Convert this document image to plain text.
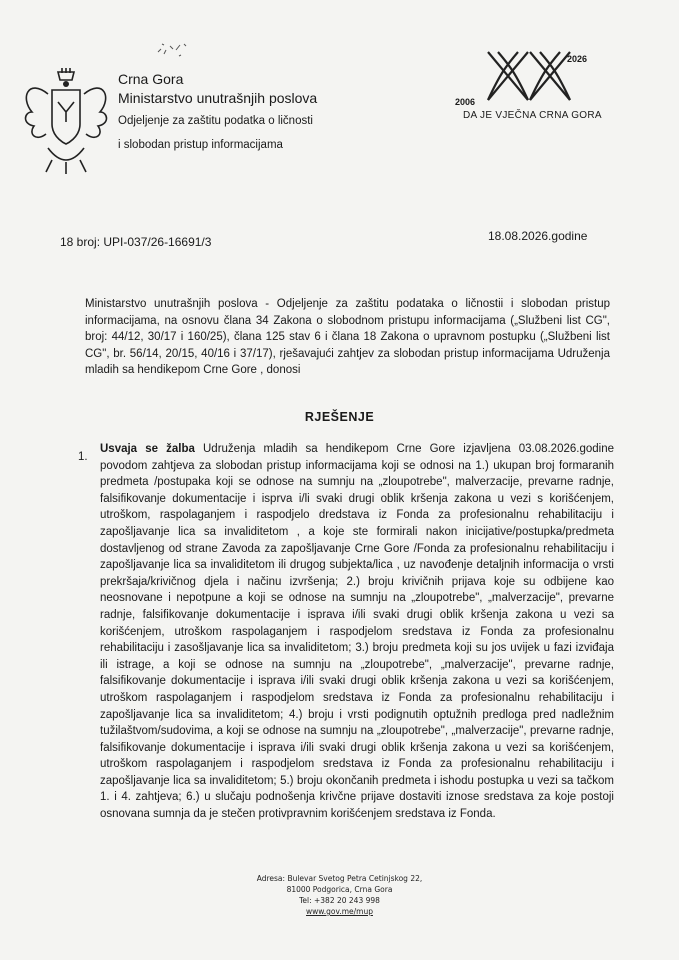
Crna Gora
Ministarstvo unutrašnjih poslova
Odjeljenje za zaštitu podatka o ličnosti
i slobodan pristup informacijama
2026
2006
DA JE VJEČNA CRNA GORA
18 broj: UPI-037/26-16691/3	18.08.2026.godine
Ministarstvo unutrašnjih poslova - Odjeljenje za zaštitu podataka o ličnostii i slobodan pristup informacijama, na osnovu člana 34 Zakona o slobodnom pristupu informacijama („Službeni list CG", broj: 44/12, 30/17 i 160/25), člana 125 stav 6 i člana 18 Zakona o upravnom postupku („Službeni list CG", br. 56/14, 20/15, 40/16 i 37/17), rješavajući zahtjev za slobodan pristup informacijama Udruženja mladih sa hendikepom Crne Gore , donosi
RJEŠENJE
1.
Usvaja se žalba Udruženja mladih sa hendikepom Crne Gore izjavljena 03.08.2026.godine povodom zahtjeva za slobodan pristup informacijama koji se odnosi na 1.) ukupan broj formaranih predmeta /postupaka koji se odnose na sumnju na „zloupotrebe", malverzacije, prevarne radnje, falsifikovanje dokumentacije i isprva i/li svaki drugi oblik kršenja zakona u vezi s korišćenjem, utroškom, raspolaganjem i raspodjelo dredstava iz Fonda za profesionalnu rehabilitaciju i zapošljavanje lica sa invaliditetom , a koje ste formirali nakon inicijative/postupka/predmeta dostavljenog od strane Zavoda za zapošljavanje Crne Gore /Fonda za profesionalnu rehabilitaciju i zapošljavanje lica sa invaliditetom ili drugog subjekta/lica , uz navođenje detaljnih informacija o vrsti prekršaja/krivičnog djela i načinu izvršenja; 2.) broju krivičnih prijava koje su odbijene kao neosnovane i nepotpune a koji se odnose na sumnju na „zloupotrebe", „malverzacije", prevarne radnje, falsifikovanje dokumentacije i isprava i/ili svaki drugi oblik kršenja zakona u vezi sa korišćenjem, utroškom raspolaganjem i raspodjelom sredstava iz Fonda za profesionalnu rehabilitaciju i zasošljavanje lica sa invaliditetom; 3.) broju predmeta koji su jos uvijek u fazi izviđaja ili istrage, a koji se odnose na sumnju na „zloupotrebe", „malverzacije", prevarne radnje, falsifikovanje dokumentacije i isprava i/ili svaki drugi oblik kršenja zakona u vezi sa korišćenjem, utroškom raspolaganjem i raspodjelom sredstava iz Fonda za profesionalnu rehabilitaciju i zapošljavanje lica sa invaliditetom; 4.) broju i vrsti podignutih optužnih predloga pred nadležnim tužilaštvom/sudovima, a koji se odnose na sumnju na „zloupotrebe", „malverzacije", prevarne radnje, falsifikovanje dokumentacije i isprava i/ili svaki drugi oblik kršenja zakona u vezi sa korišćenjem, utroškom raspolaganjem i raspodjelom sredstava iz Fonda za profesionalnu rehabilitaciju i zapošljavanje lica sa invaliditetom; 5.) broju okončanih predmeta i ishodu postupka u vezi sa tačkom 1. i 4. zahtjeva; 6.) u slučaju podnošenja krivčne prijave dostaviti iznose sredstava za koje postoji osnovana sumnja da je stečen protivpravnim korišćenjem sredstava iz Fonda.
Adresa: Bulevar Svetog Petra Cetinjskog 22,
81000 Podgorica, Crna Gora
Tel: +382 20 243 998
www.gov.me/mup
